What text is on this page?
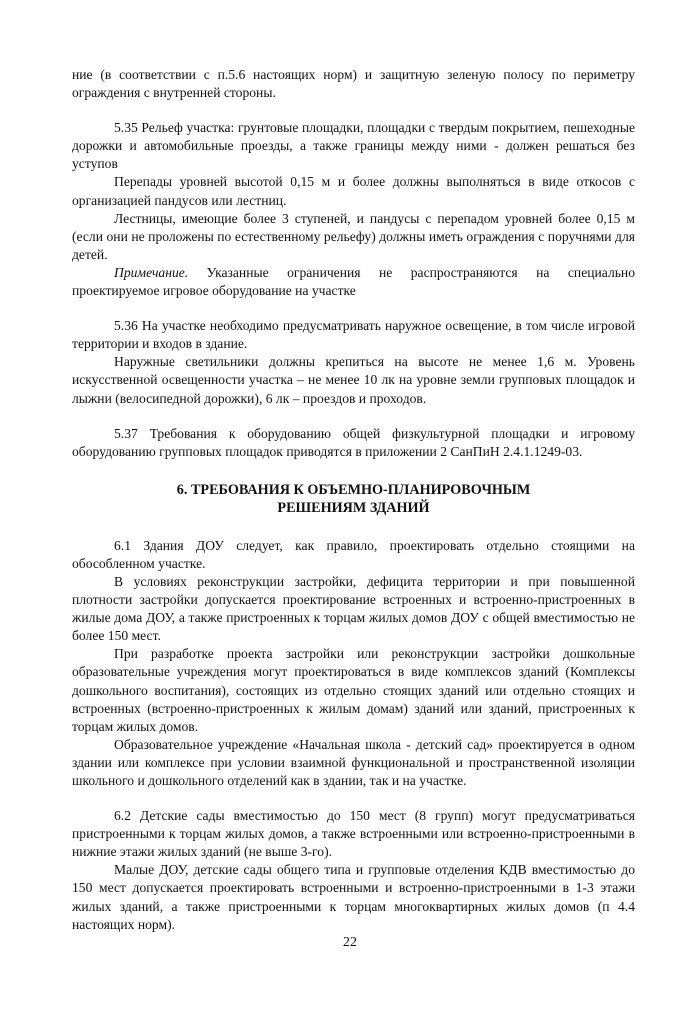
ние (в соответствии с п.5.6 настоящих норм) и защитную зеленую полосу по периметру ограждения с внутренней стороны.

5.35 Рельеф участка: грунтовые площадки, площадки с твердым покрытием, пешеходные дорожки и автомобильные проезды, а также границы между ними - должен решаться без уступов

Перепады уровней высотой 0,15 м и более должны выполняться в виде откосов с организацией пандусов или лестниц.

Лестницы, имеющие более 3 ступеней, и пандусы с перепадом уровней более 0,15 м (если они не проложены по естественному рельефу) должны иметь ограждения с поручнями для детей.

Примечание. Указанные ограничения не распространяются на специально проектируемое игровое оборудование на участке

5.36 На участке необходимо предусматривать наружное освещение, в том числе игровой территории и входов в здание.

Наружные светильники должны крепиться на высоте не менее 1,6 м. Уровень искусственной освещенности участка – не менее 10 лк на уровне земли групповых площадок и лыжни (велосипедной дорожки), 6 лк – проездов и проходов.

5.37 Требования к оборудованию общей физкультурной площадки и игровому оборудованию групповых площадок приводятся в приложении 2 СанПиН 2.4.1.1249-03.

6. ТРЕБОВАНИЯ К ОБЪЕМНО-ПЛАНИРОВОЧНЫМ

РЕШЕНИЯМ ЗДАНИЙ

6.1 Здания ДОУ следует, как правило, проектировать отдельно стоящими на обособленном участке.

В условиях реконструкции застройки, дефицита территории и при повышенной плотности застройки допускается проектирование встроенных и встроенно-пристроенных в жилые дома ДОУ, а также пристроенных к торцам жилых домов ДОУ с общей вместимостью не более 150 мест.

При разработке проекта застройки или реконструкции застройки дошкольные образовательные учреждения могут проектироваться в виде комплексов зданий (Комплексы дошкольного воспитания), состоящих из отдельно стоящих зданий или отдельно стоящих и встроенных (встроенно-пристроенных к жилым домам) зданий или зданий, пристроенных к торцам жилых домов.

Образовательное учреждение «Начальная школа - детский сад» проектируется в одном здании или комплексе при условии взаимной функциональной и пространственной изоляции школьного и дошкольного отделений как в здании, так и на участке.

6.2 Детские сады вместимостью до 150 мест (8 групп) могут предусматриваться пристроенными к торцам жилых домов, а также встроенными или встроенно-пристроенными в нижние этажи жилых зданий (не выше 3-го).

Малые ДОУ, детские сады общего типа и групповые отделения КДВ вместимостью до 150 мест допускается проектировать встроенными и встроенно-пристроенными в 1-3 этажи жилых зданий, а также пристроенными к торцам многоквартирных жилых домов (п 4.4 настоящих норм).

22
